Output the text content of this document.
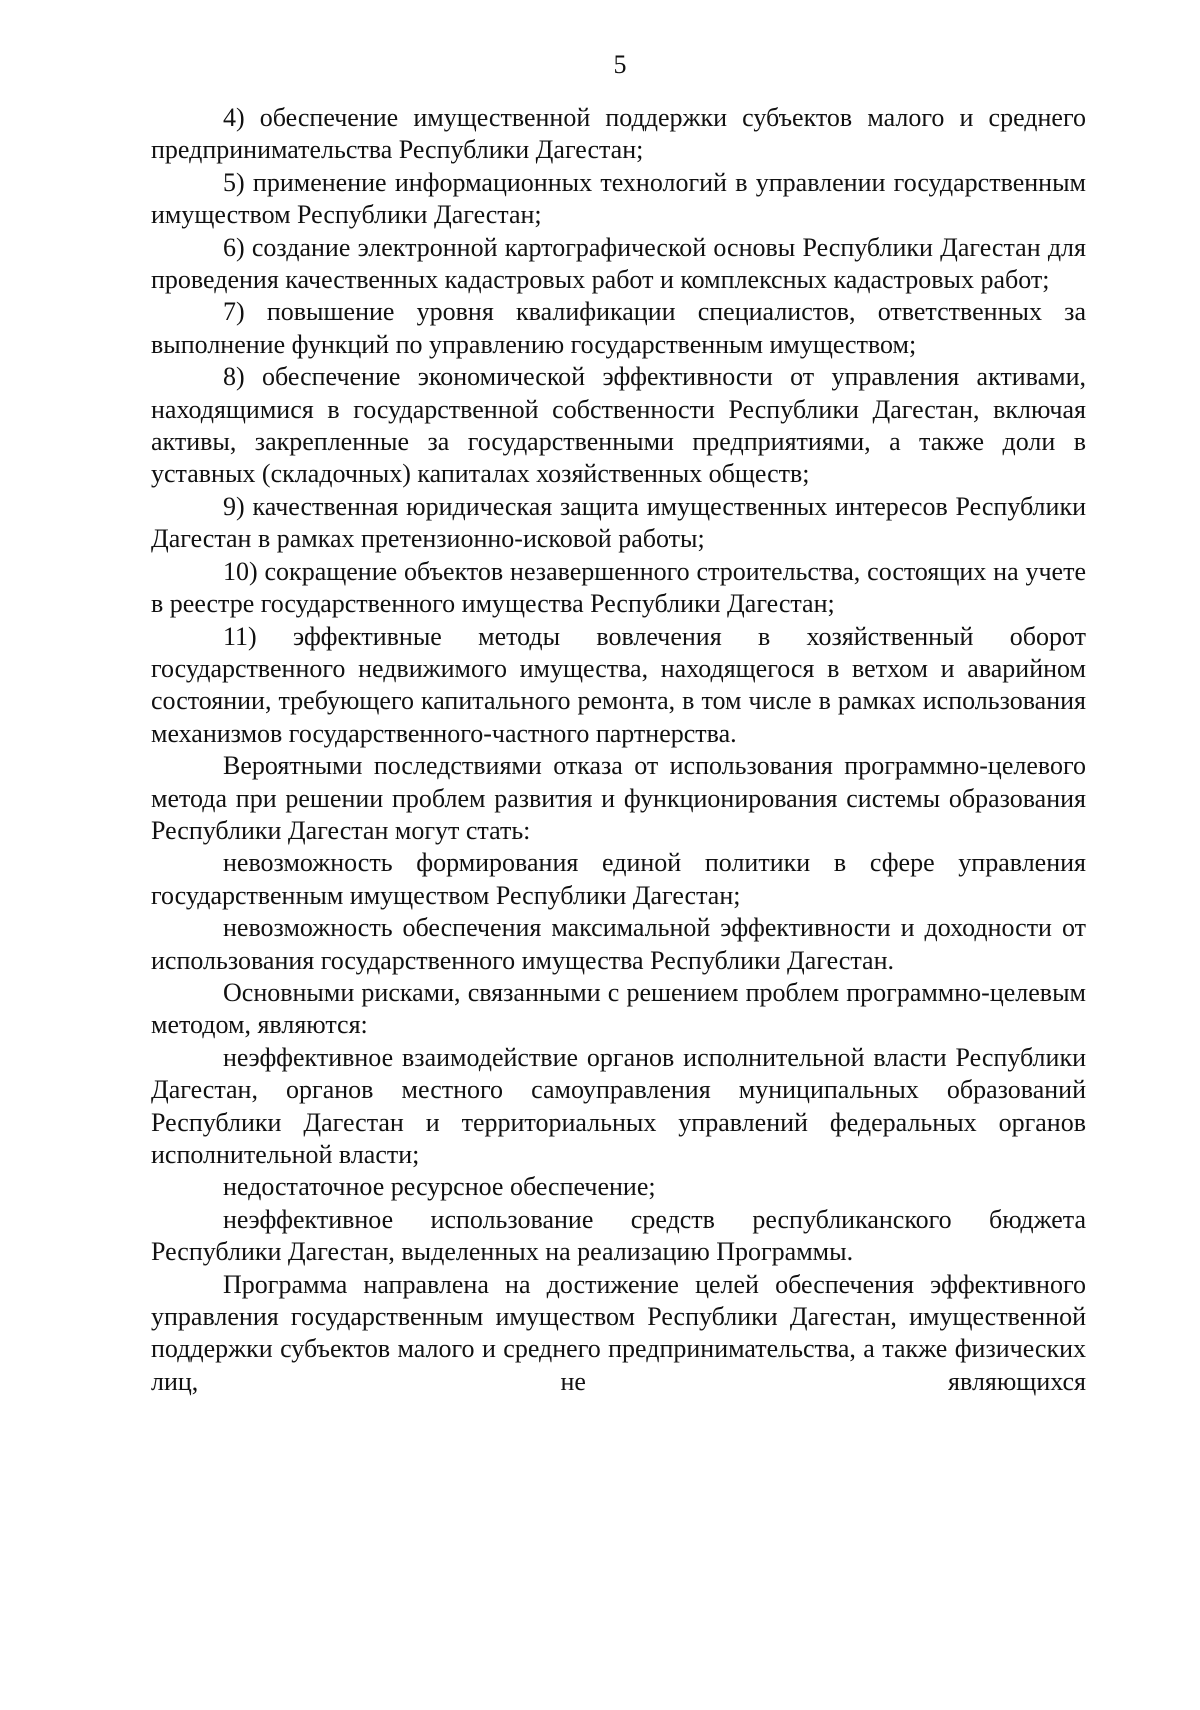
5

4) обеспечение имущественной поддержки субъектов малого и среднего предпринимательства Республики Дагестан;

5) применение информационных технологий в управлении государственным имуществом Республики Дагестан;

6) создание электронной картографической основы Республики Дагестан для проведения качественных кадастровых работ и комплексных кадастровых работ;

7) повышение уровня квалификации специалистов, ответственных за выполнение функций по управлению государственным имуществом;

8) обеспечение экономической эффективности от управления активами, находящимися в государственной собственности Республики Дагестан, включая активы, закрепленные за государственными предприятиями, а также доли в уставных (складочных) капиталах хозяйственных обществ;

9) качественная юридическая защита имущественных интересов Республики Дагестан в рамках претензионно-исковой работы;

10) сокращение объектов незавершенного строительства, состоящих на учете в реестре государственного имущества Республики Дагестан;

11) эффективные методы вовлечения в хозяйственный оборот государственного недвижимого имущества, находящегося в ветхом и аварийном состоянии, требующего капитального ремонта, в том числе в рамках использования механизмов государственного-частного партнерства.

Вероятными последствиями отказа от использования программно-целевого метода при решении проблем развития и функционирования системы образования Республики Дагестан могут стать:

невозможность формирования единой политики в сфере управления государственным имуществом Республики Дагестан;

невозможность обеспечения максимальной эффективности и доходности от использования государственного имущества Республики Дагестан.

Основными рисками, связанными с решением проблем программно-целевым методом, являются:

неэффективное взаимодействие органов исполнительной власти Республики Дагестан, органов местного самоуправления муниципальных образований Республики Дагестан и территориальных управлений федеральных органов исполнительной власти;

недостаточное ресурсное обеспечение;

неэффективное использование средств республиканского бюджета Республики Дагестан, выделенных на реализацию Программы.

Программа направлена на достижение целей обеспечения эффективного управления государственным имуществом Республики Дагестан, имущественной поддержки субъектов малого и среднего предпринимательства, а также физических лиц, не являющихся
